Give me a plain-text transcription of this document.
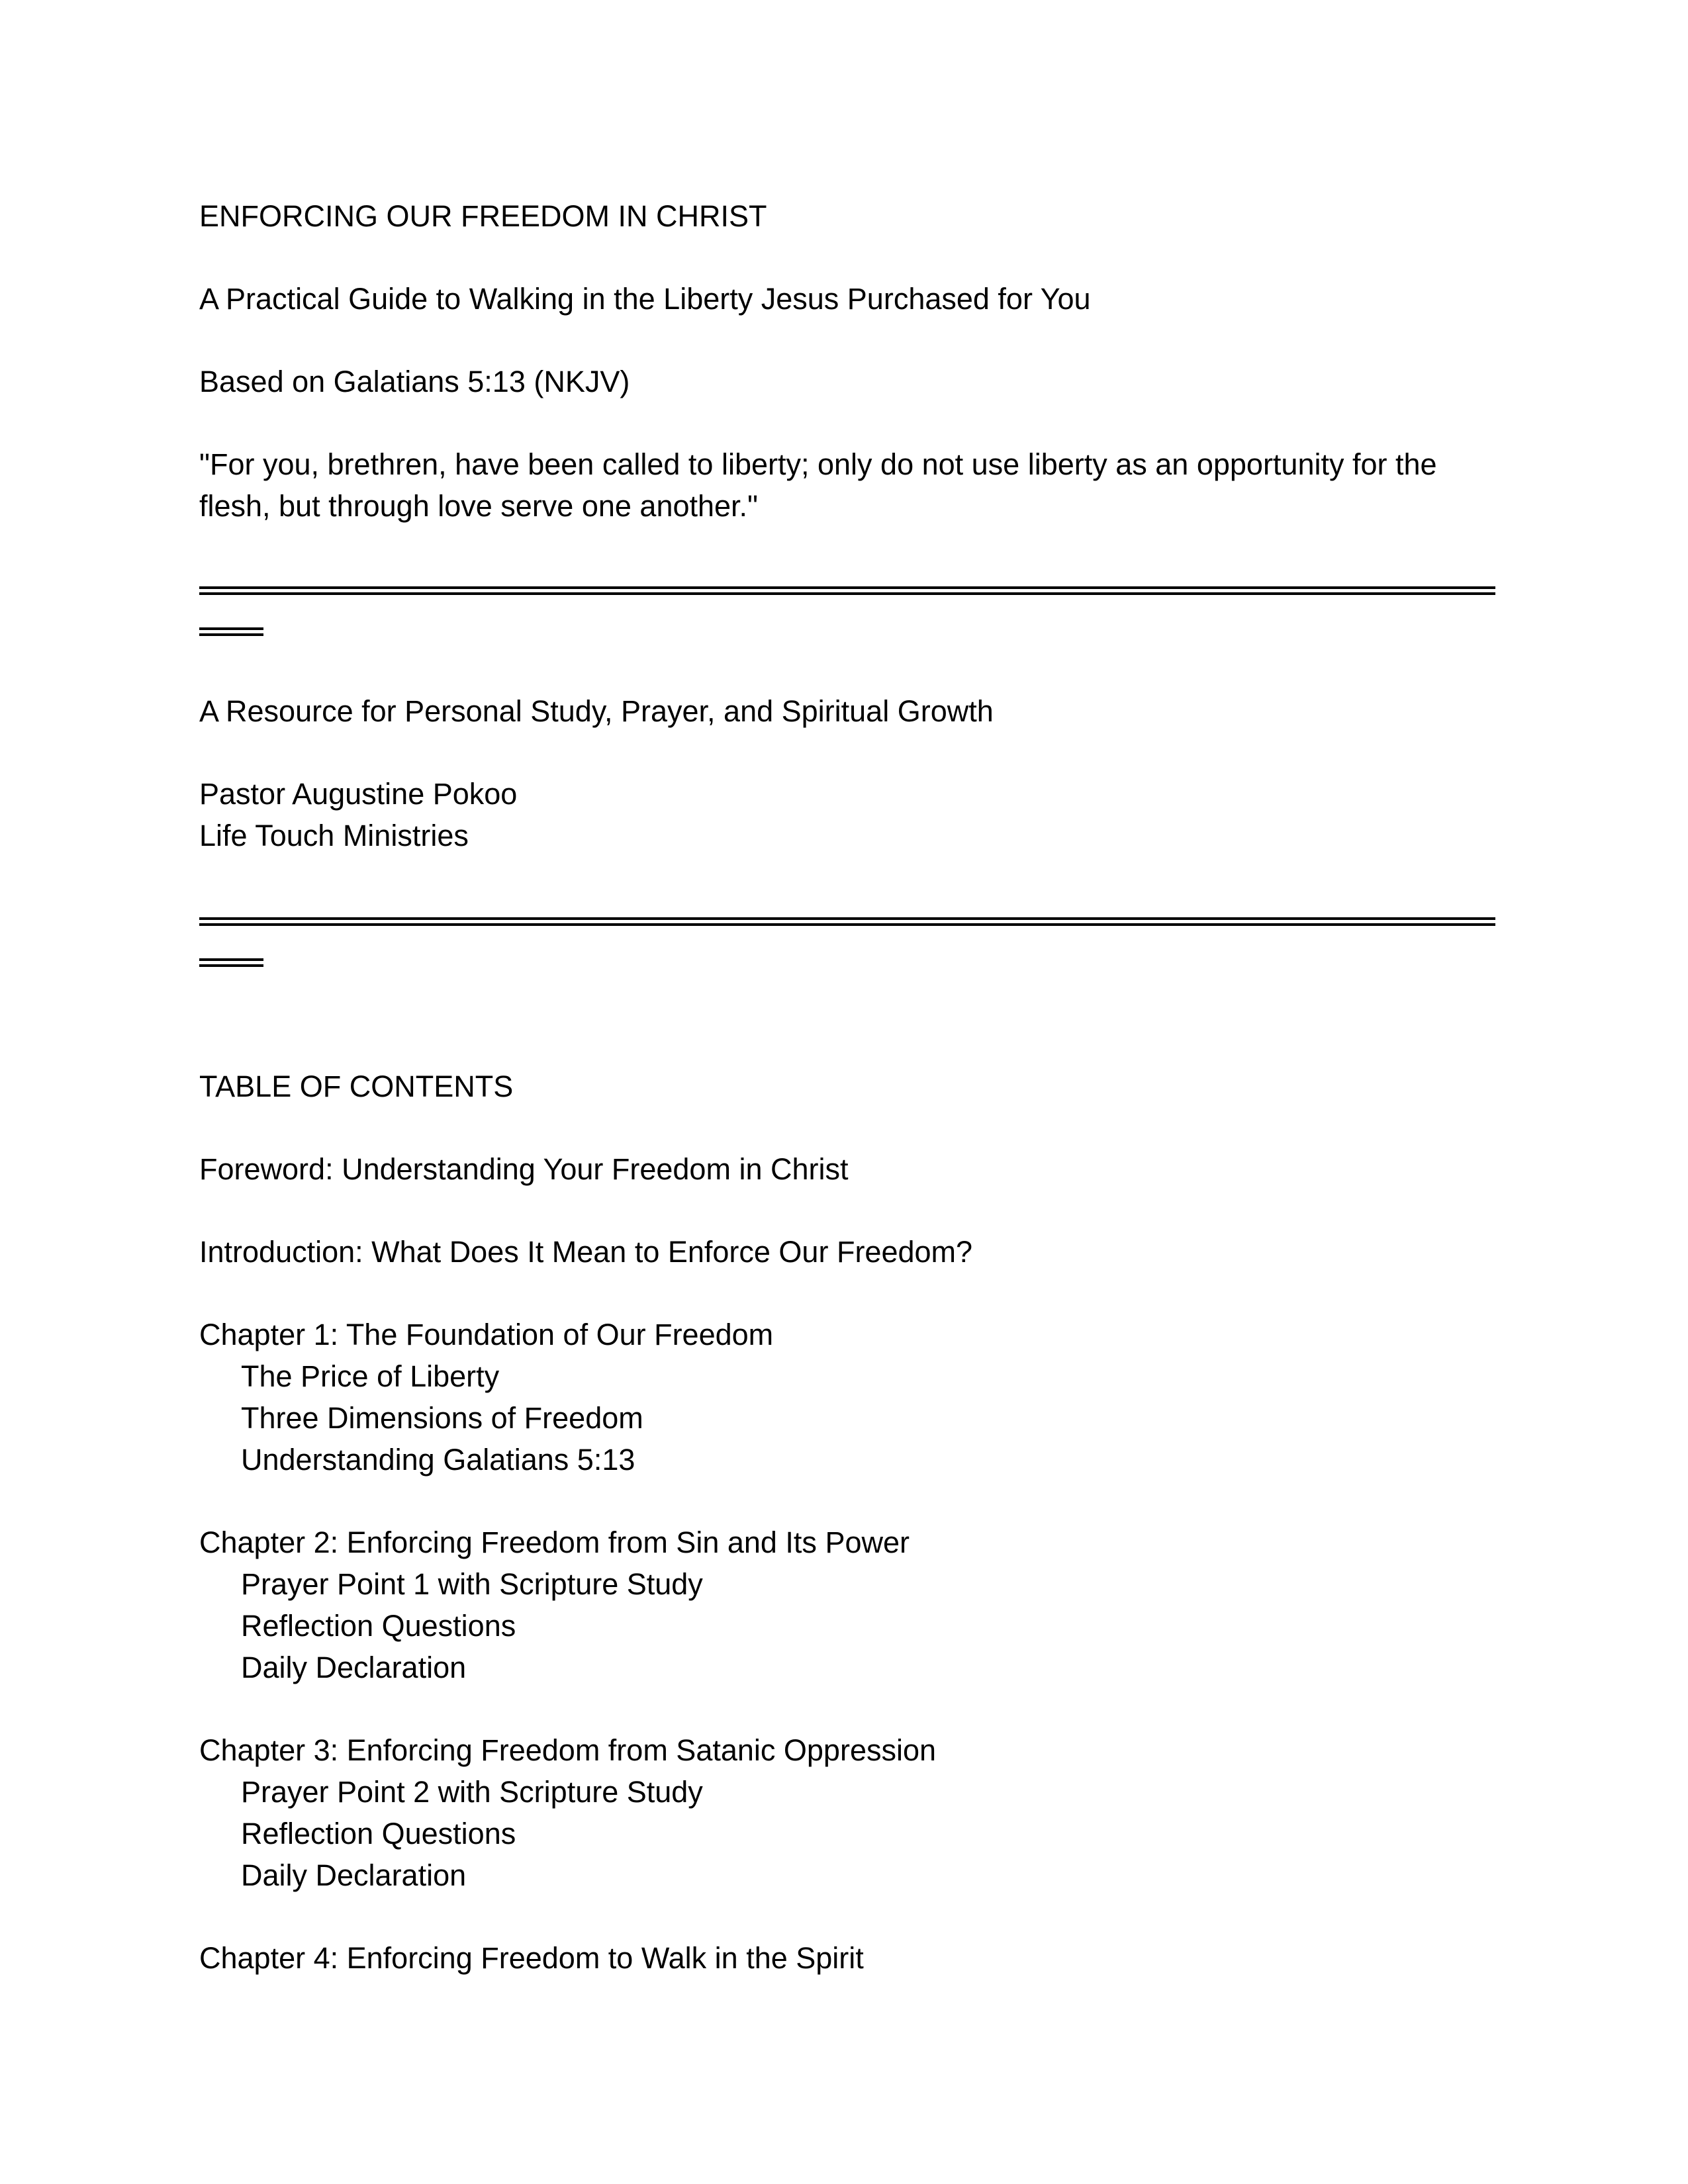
ENFORCING OUR FREEDOM IN CHRIST

A Practical Guide to Walking in the Liberty Jesus Purchased for You

Based on Galatians 5:13 (NKJV)

"For you, brethren, have been called to liberty; only do not use liberty as an opportunity for the flesh, but through love serve one another."

A Resource for Personal Study, Prayer, and Spiritual Growth

Pastor Augustine Pokoo

Life Touch Ministries

TABLE OF CONTENTS

Foreword: Understanding Your Freedom in Christ

Introduction: What Does It Mean to Enforce Our Freedom?

Chapter 1: The Foundation of Our Freedom

The Price of Liberty

Three Dimensions of Freedom

Understanding Galatians 5:13

Chapter 2: Enforcing Freedom from Sin and Its Power

Prayer Point 1 with Scripture Study

Reflection Questions

Daily Declaration

Chapter 3: Enforcing Freedom from Satanic Oppression

Prayer Point 2 with Scripture Study

Reflection Questions

Daily Declaration

Chapter 4: Enforcing Freedom to Walk in the Spirit
